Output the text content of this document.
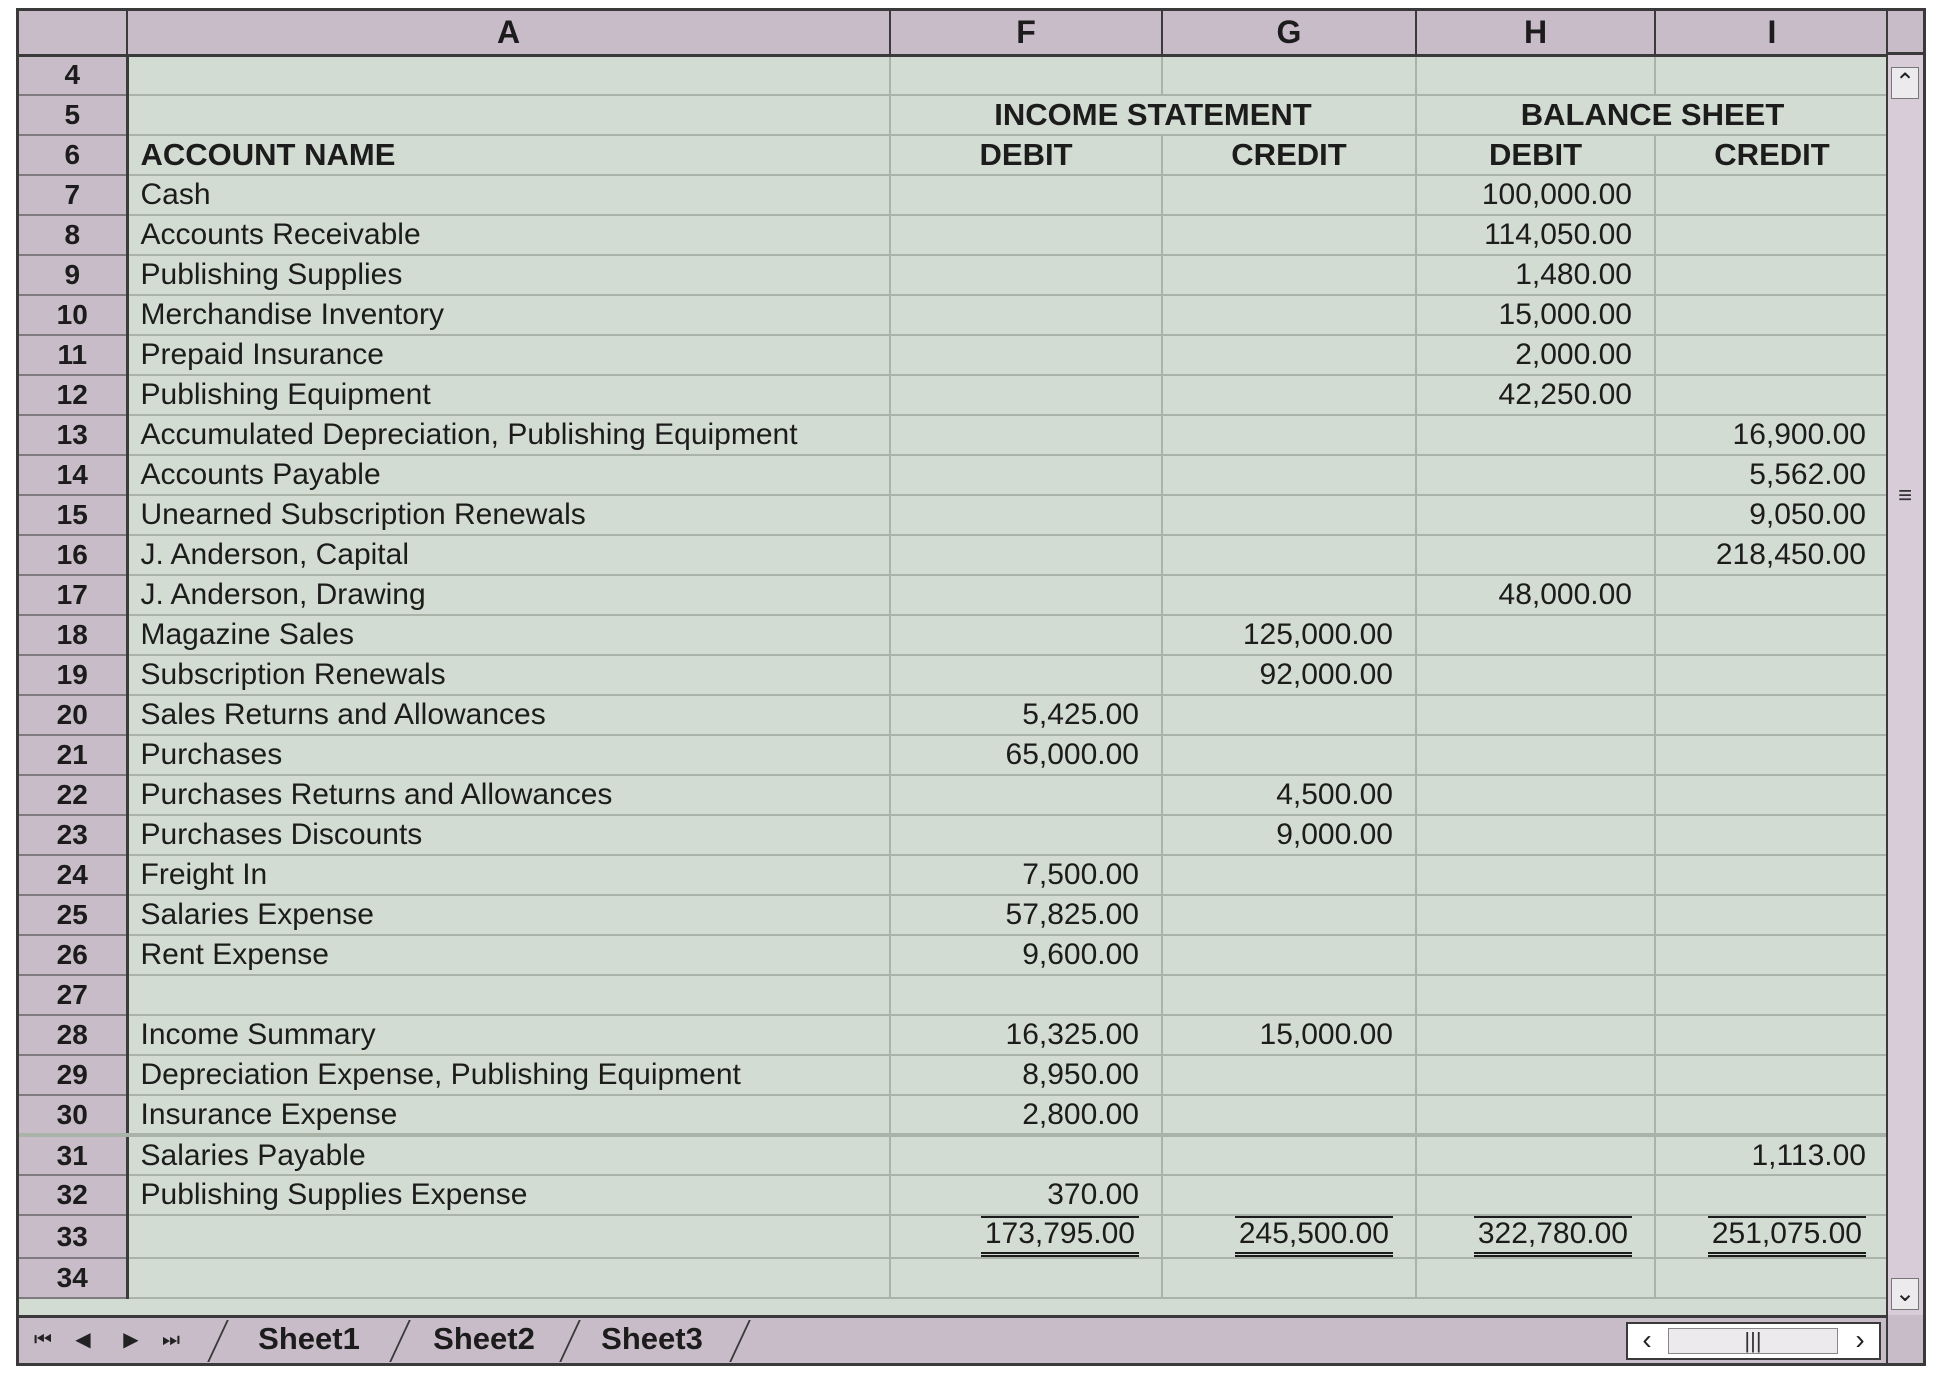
	A	F	G	H	I
4					
5		INCOME STATEMENT		BALANCE SHEET	
6	ACCOUNT NAME	DEBIT	CREDIT	DEBIT	CREDIT
7	Cash			100,000.00	
8	Accounts Receivable			114,050.00	
9	Publishing Supplies			1,480.00	
10	Merchandise Inventory			15,000.00	
11	Prepaid Insurance			2,000.00	
12	Publishing Equipment			42,250.00	
13	Accumulated Depreciation, Publishing Equipment				16,900.00
14	Accounts Payable				5,562.00
15	Unearned Subscription Renewals				9,050.00
16	J. Anderson, Capital				218,450.00
17	J. Anderson, Drawing			48,000.00	
18	Magazine Sales		125,000.00		
19	Subscription Renewals		92,000.00		
20	Sales Returns and Allowances	5,425.00			
21	Purchases	65,000.00			
22	Purchases Returns and Allowances		4,500.00		
23	Purchases Discounts		9,000.00		
24	Freight In	7,500.00			
25	Salaries Expense	57,825.00			
26	Rent Expense	9,600.00			
27					
28	Income Summary	16,325.00	15,000.00		
29	Depreciation Expense, Publishing Equipment	8,950.00			
30	Insurance Expense	2,800.00			
31	Salaries Payable				1,113.00
32	Publishing Supplies Expense	370.00			
33		173,795.00	245,500.00	322,780.00	251,075.00
34					
⌃
≡
⌄
⏮	◀	▶	⏭	Sheet1	Sheet2	Sheet3	‹	|||	›
